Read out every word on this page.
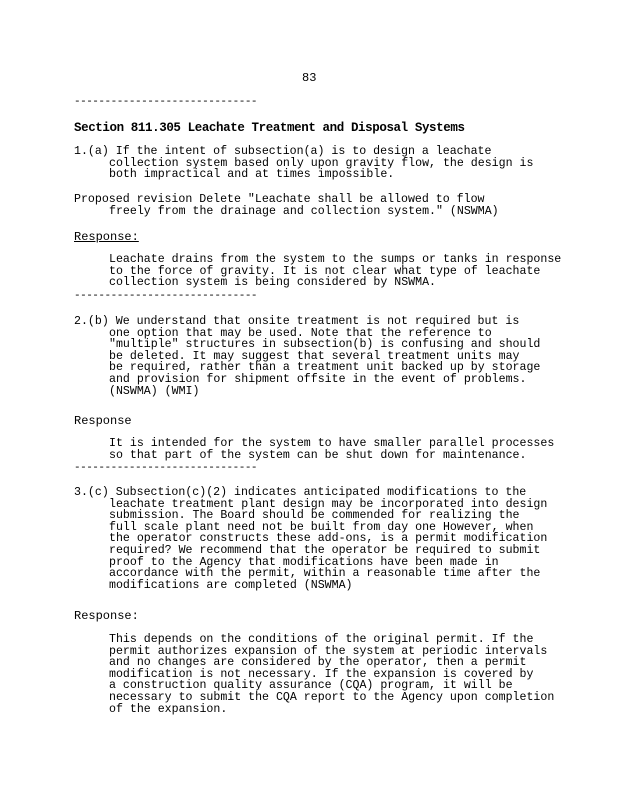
83
------------------------------
Section 811.305 Leachate Treatment and Disposal Systems
1.(a) If the intent of subsection(a) is to design a leachate
collection system based only upon gravity flow, the design is
both impractical and at times impossible.
Proposed revision Delete "Leachate shall be allowed to flow
freely from the drainage and collection system." (NSWMA)
Response:
Leachate drains from the system to the sumps or tanks in response
to the force of gravity. It is not clear what type of leachate
collection system is being considered by NSWMA.
------------------------------
2.(b) We understand that onsite treatment is not required but is
one option that may be used. Note that the reference to
"multiple" structures in subsection(b) is confusing and should
be deleted. It may suggest that several treatment units may
be required, rather than a treatment unit backed up by storage
and provision for shipment offsite in the event of problems.
(NSWMA) (WMI)
Response
It is intended for the system to have smaller parallel processes
so that part of the system can be shut down for maintenance.
------------------------------
3.(c) Subsection(c)(2) indicates anticipated modifications to the
leachate treatment plant design may be incorporated into design
submission. The Board should be commended for realizing the
full scale plant need not be built from day one However, when
the operator constructs these add-ons, is a permit modification
required? We recommend that the operator be required to submit
proof to the Agency that modifications have been made in
accordance with the permit, within a reasonable time after the
modifications are completed (NSWMA)
Response:
This depends on the conditions of the original permit. If the
permit authorizes expansion of the system at periodic intervals
and no changes are considered by the operator, then a permit
modification is not necessary. If the expansion is covered by
a construction quality assurance (CQA) program, it will be
necessary to submit the CQA report to the Agency upon completion
of the expansion.
